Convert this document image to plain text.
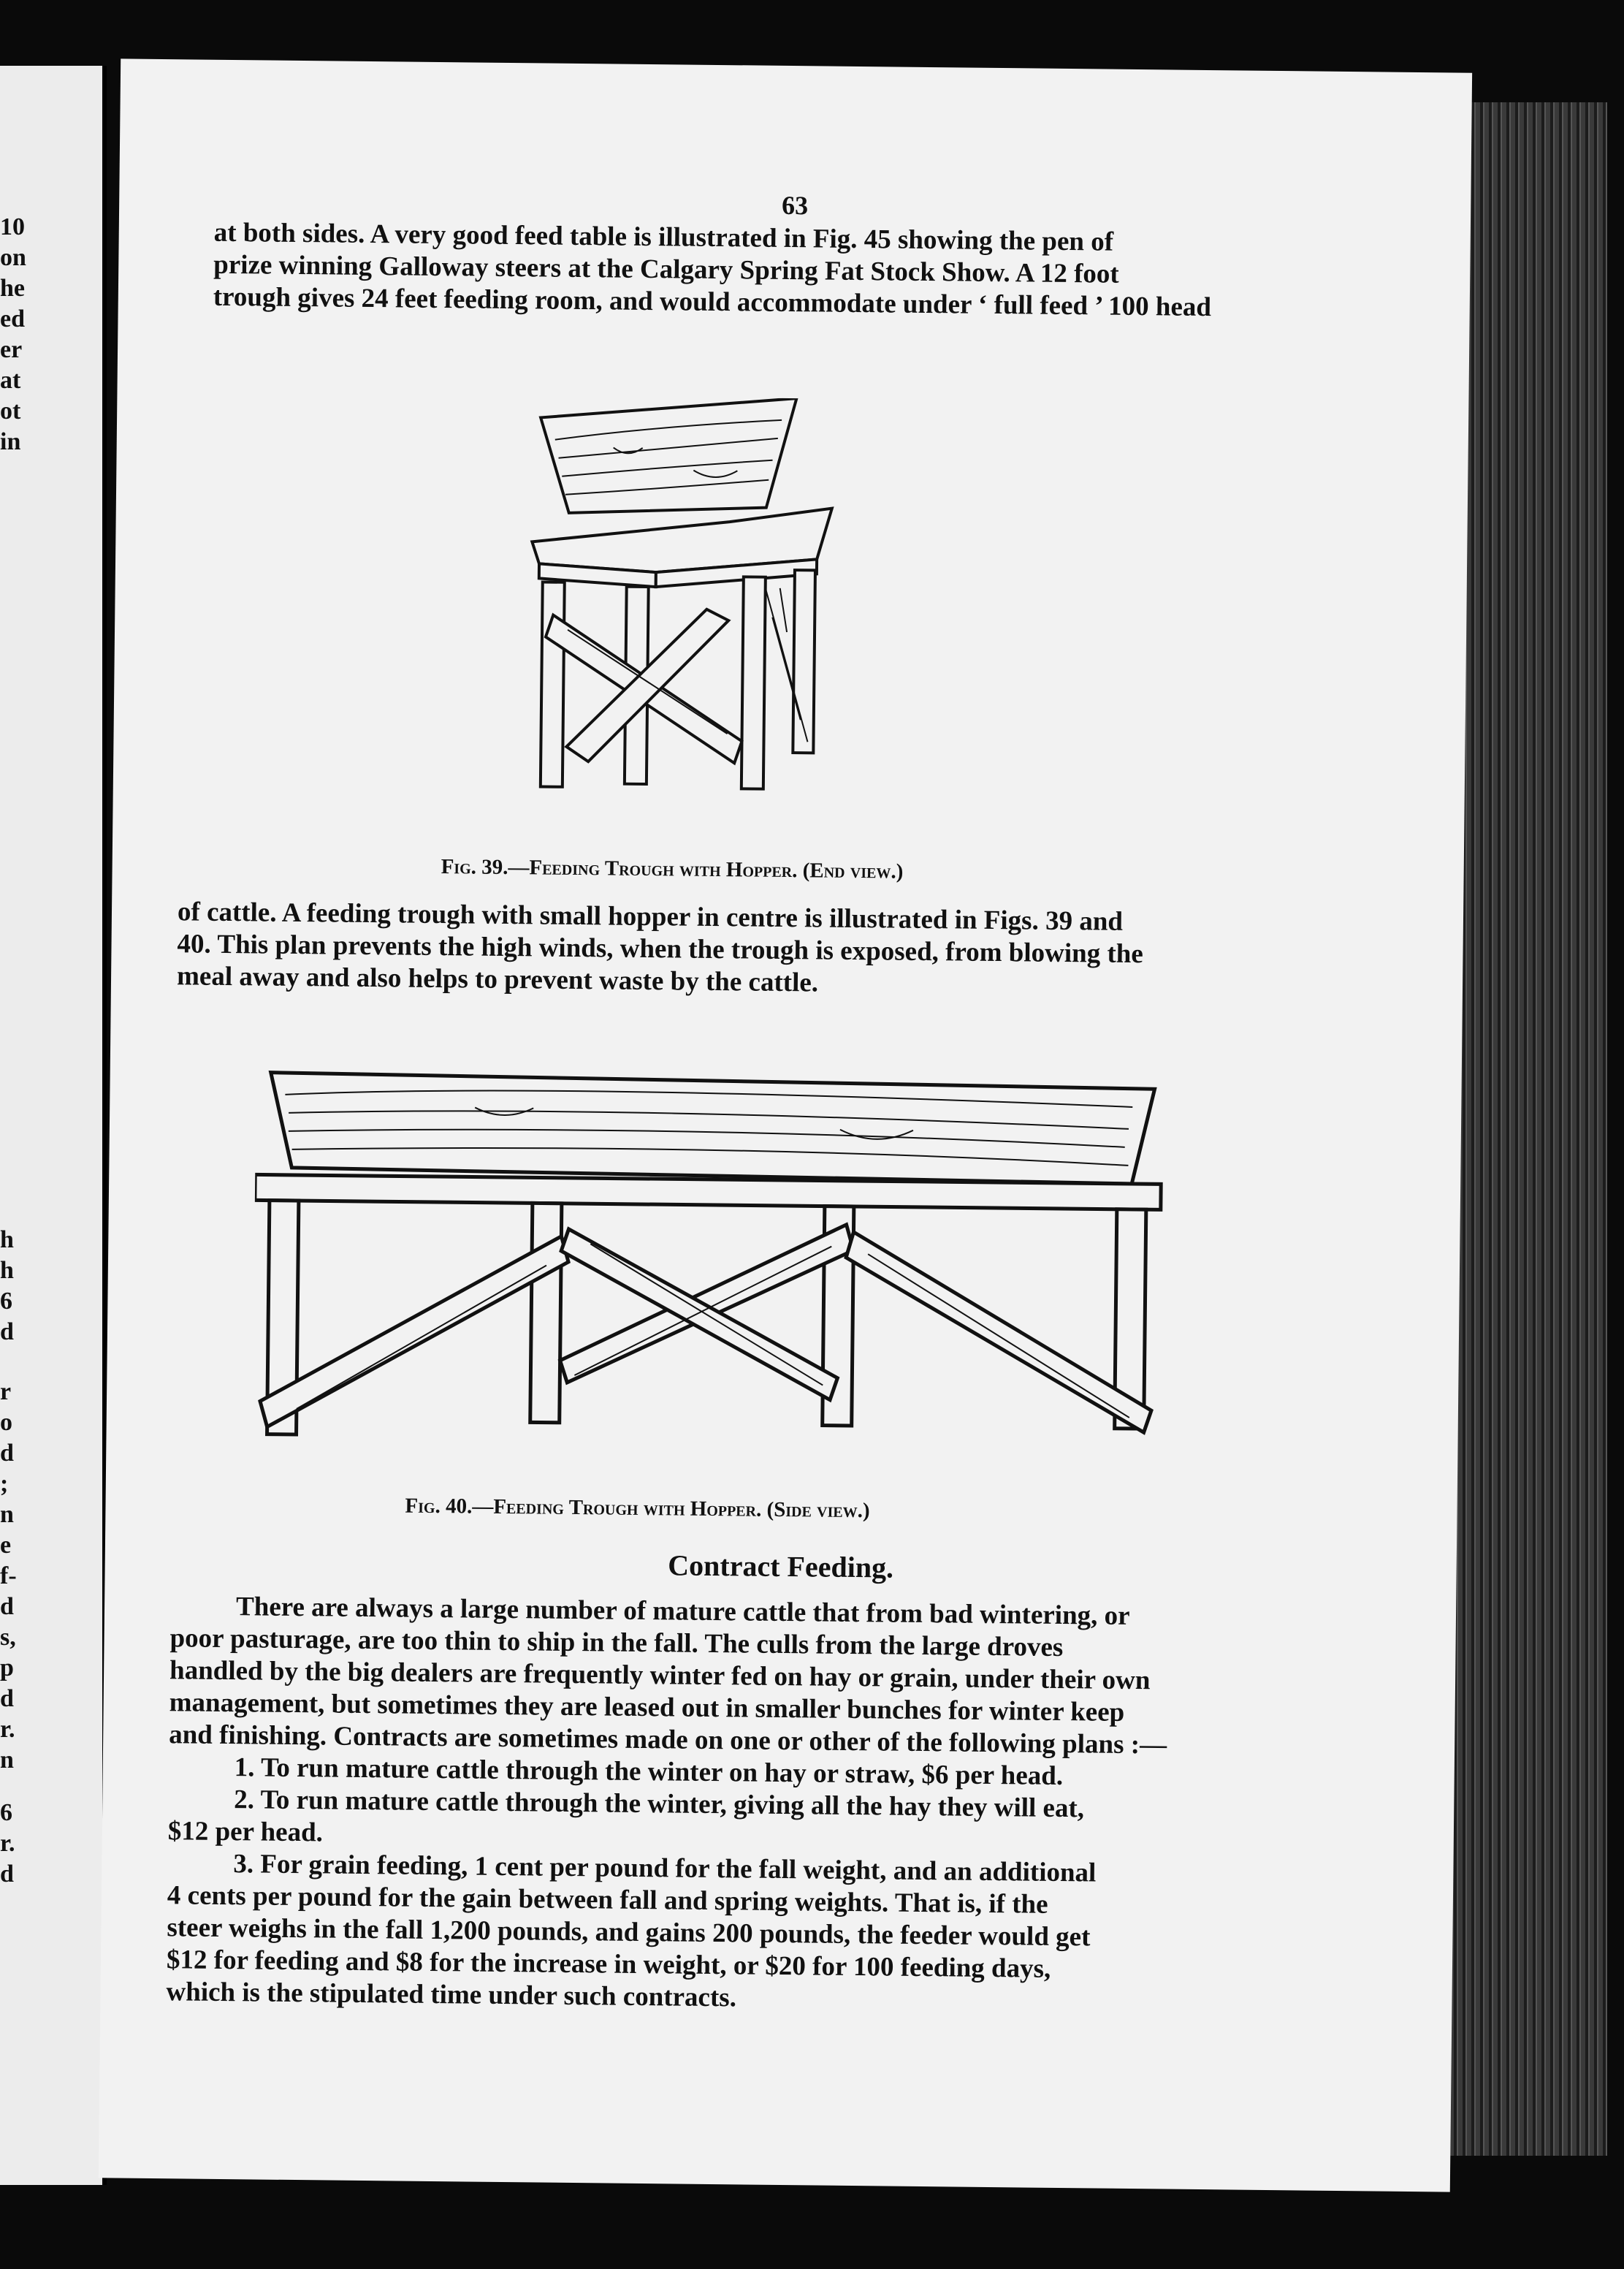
10
on
he
ed
er
at
ot
in
h
h
6
d
r
o
d
;
n
e
f-
d
s,
p
d
r.
n
6
r.
d
63
at both sides. A very good feed table is illustrated in Fig. 45 showing the pen of
prize winning Galloway steers at the Calgary Spring Fat Stock Show. A 12 foot
trough gives 24 feet feeding room, and would accommodate under ‘ full feed ’ 100 head
Fig. 39.—Feeding Trough with Hopper. (End view.)
of cattle. A feeding trough with small hopper in centre is illustrated in Figs. 39 and
40. This plan prevents the high winds, when the trough is exposed, from blowing the
meal away and also helps to prevent waste by the cattle.
Fig. 40.—Feeding Trough with Hopper. (Side view.)
Contract Feeding.
There are always a large number of mature cattle that from bad wintering, or
poor pasturage, are too thin to ship in the fall. The culls from the large droves
handled by the big dealers are frequently winter fed on hay or grain, under their own
management, but sometimes they are leased out in smaller bunches for winter keep
and finishing. Contracts are sometimes made on one or other of the following plans :—
1. To run mature cattle through the winter on hay or straw, $6 per head.
2. To run mature cattle through the winter, giving all the hay they will eat,
$12 per head.
3. For grain feeding, 1 cent per pound for the fall weight, and an additional
4 cents per pound for the gain between fall and spring weights. That is, if the
steer weighs in the fall 1,200 pounds, and gains 200 pounds, the feeder would get
$12 for feeding and $8 for the increase in weight, or $20 for 100 feeding days,
which is the stipulated time under such contracts.
